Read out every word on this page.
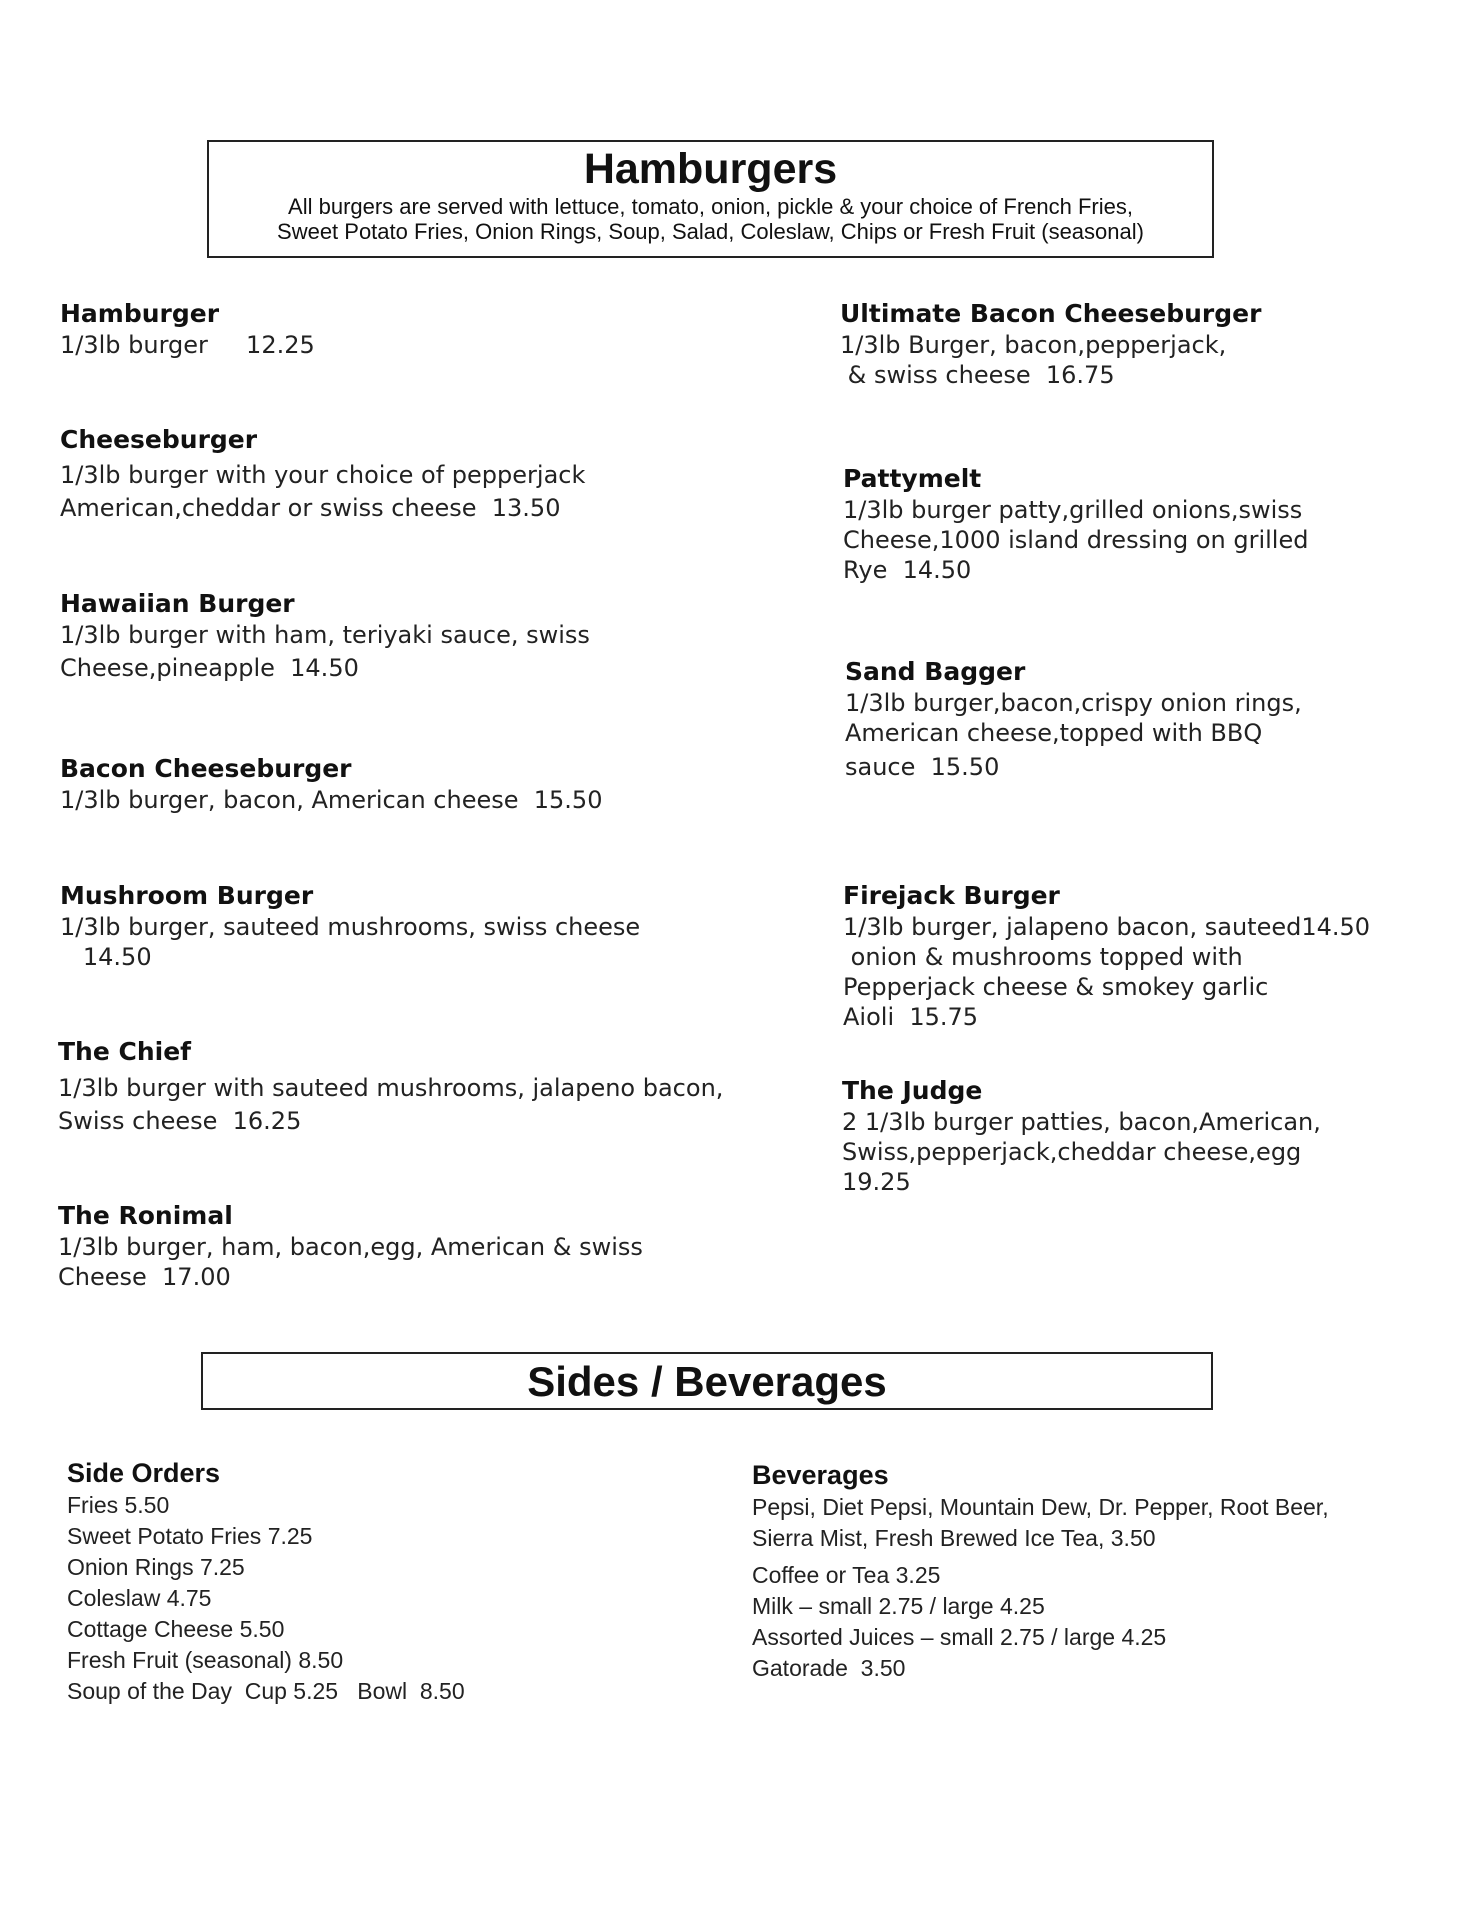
Hamburgers
All burgers are served with lettuce, tomato, onion, pickle & your choice of French Fries,
Sweet Potato Fries, Onion Rings, Soup, Salad, Coleslaw, Chips or Fresh Fruit (seasonal)
Hamburger
1/3lb burger     12.25
Cheeseburger
1/3lb burger with your choice of pepperjack
American,cheddar or swiss cheese  13.50
Hawaiian Burger
1/3lb burger with ham, teriyaki sauce, swiss
Cheese,pineapple  14.50
Bacon Cheeseburger
1/3lb burger, bacon, American cheese  15.50
Mushroom Burger
1/3lb burger, sauteed mushrooms, swiss cheese
14.50
The Chief
1/3lb burger with sauteed mushrooms, jalapeno bacon,
Swiss cheese  16.25
The Ronimal
1/3lb burger, ham, bacon,egg, American & swiss
Cheese  17.00
Ultimate Bacon Cheeseburger
1/3lb Burger, bacon,pepperjack,
& swiss cheese  16.75
Pattymelt
1/3lb burger patty,grilled onions,swiss
Cheese,1000 island dressing on grilled
Rye  14.50
Sand Bagger
1/3lb burger,bacon,crispy onion rings,
American cheese,topped with BBQ
sauce  15.50
Firejack Burger
1/3lb burger, jalapeno bacon, sauteed14.50
onion & mushrooms topped with
Pepperjack cheese & smokey garlic
Aioli  15.75
The Judge
2 1/3lb burger patties, bacon,American,
Swiss,pepperjack,cheddar cheese,egg
19.25
Sides / Beverages
Side Orders
Fries 5.50
Sweet Potato Fries 7.25
Onion Rings 7.25
Coleslaw 4.75
Cottage Cheese 5.50
Fresh Fruit (seasonal) 8.50
Soup of the Day  Cup 5.25   Bowl  8.50
Beverages
Pepsi, Diet Pepsi, Mountain Dew, Dr. Pepper, Root Beer,
Sierra Mist, Fresh Brewed Ice Tea, 3.50
Coffee or Tea 3.25
Milk – small 2.75 / large 4.25
Assorted Juices – small 2.75 / large 4.25
Gatorade  3.50
